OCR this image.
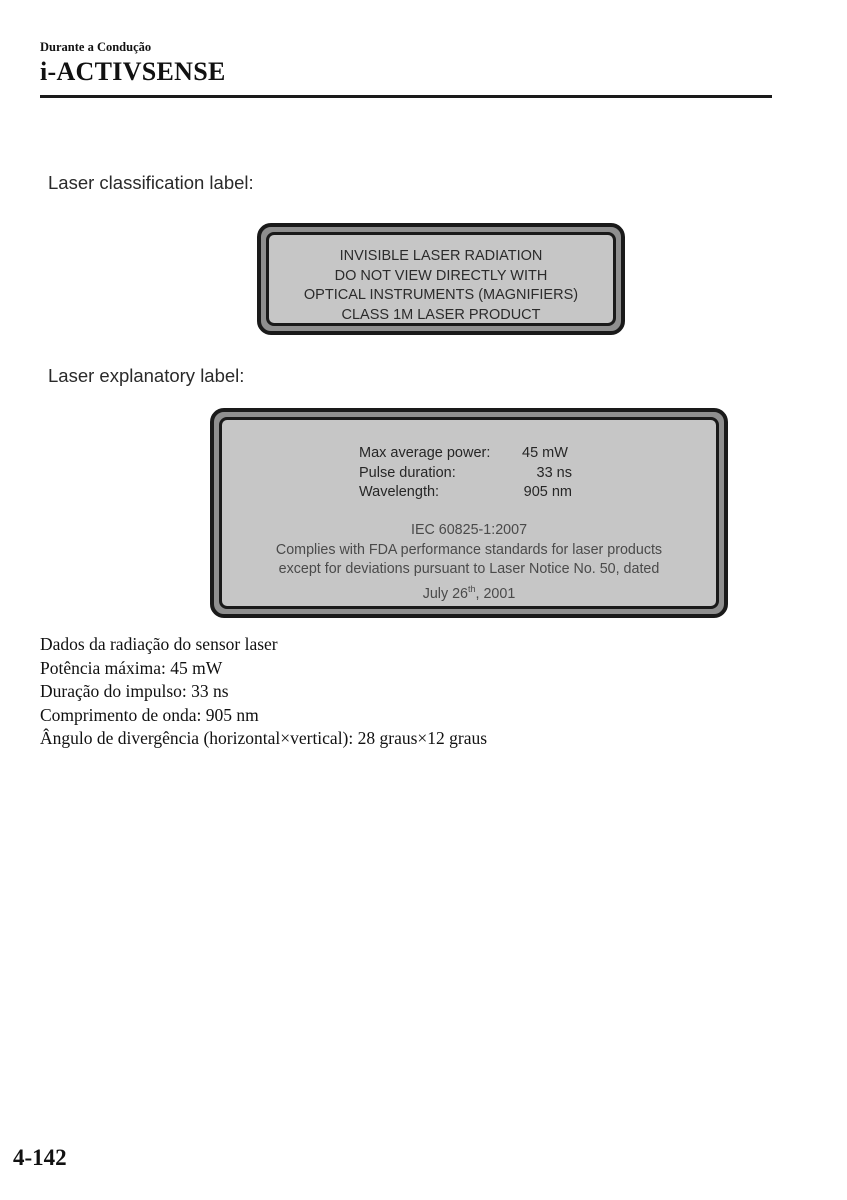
Durante a Condução
i-ACTIVSENSE
Laser classification label:
INVISIBLE LASER RADIATION
DO NOT VIEW DIRECTLY WITH
OPTICAL INSTRUMENTS (MAGNIFIERS)
CLASS 1M LASER PRODUCT
Laser explanatory label:
Max average power: 45 mW
Pulse duration:	33 ns
Wavelength:	905 nm
IEC 60825-1:2007
Complies with FDA performance standards for laser products
except for deviations pursuant to Laser Notice No. 50, dated
July 26th, 2001
Dados da radiação do sensor laser
Potência máxima: 45 mW
Duração do impulso: 33 ns
Comprimento de onda: 905 nm
Ângulo de divergência (horizontal×vertical): 28 graus×12 graus
4-142
